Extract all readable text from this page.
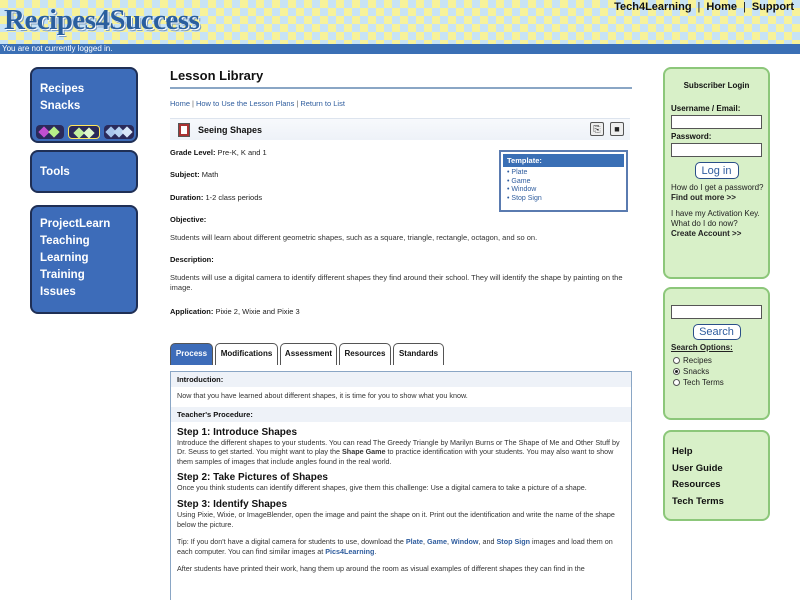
Recipes4Success	Tech4Learning | Home | Support
You are not currently logged in.
Recipes
Snacks
Tools
ProjectLearn
Teaching
Learning
Training
Issues
Lesson Library
Home | How to Use the Lesson Plans | Return to List
Seeing Shapes	⎘	■
Grade Level: Pre-K, K and 1
Subject: Math
Duration: 1-2 class periods
Objective:
Students will learn about different geometric shapes, such as a square, triangle, rectangle, octagon, and so on.
Description:
Students will use a digital camera to identify different shapes they find around their school. They will identify the shape by painting on the image.
Application: Pixie 2, Wixie and Pixie 3
Template:
• Plate
• Game
• Window
• Stop Sign
Process	Modifications	Assessment	Resources	Standards
Introduction:
Now that you have learned about different shapes, it is time for you to show what you know.
Teacher's Procedure:
Step 1: Introduce Shapes
Introduce the different shapes to your students. You can read The Greedy Triangle by Marilyn Burns or The Shape of Me and Other Stuff by Dr. Seuss to get started. You might want to play the Shape Game to practice identification with your students. You may also want to show them samples of images that include angles found in the real world.
Step 2: Take Pictures of Shapes
Once you think students can identify different shapes, give them this challenge: Use a digital camera to take a picture of a shape.
Step 3: Identify Shapes
Using Pixie, Wixie, or ImageBlender, open the image and paint the shape on it. Print out the identification and write the name of the shape below the picture.
Tip: If you don't have a digital camera for students to use, download the Plate, Game, Window, and Stop Sign images and load them on each computer. You can find similar images at Pics4Learning.
After students have printed their work, hang them up around the room as visual examples of different shapes they can find in the
Subscriber Login
Username / Email:
Password:
Log in
How do I get a password?
Find out more >>
I have my Activation Key. What do I do now?
Create Account >>
Search
Search Options:
Recipes
Snacks
Tech Terms
Help
User Guide
Resources
Tech Terms
